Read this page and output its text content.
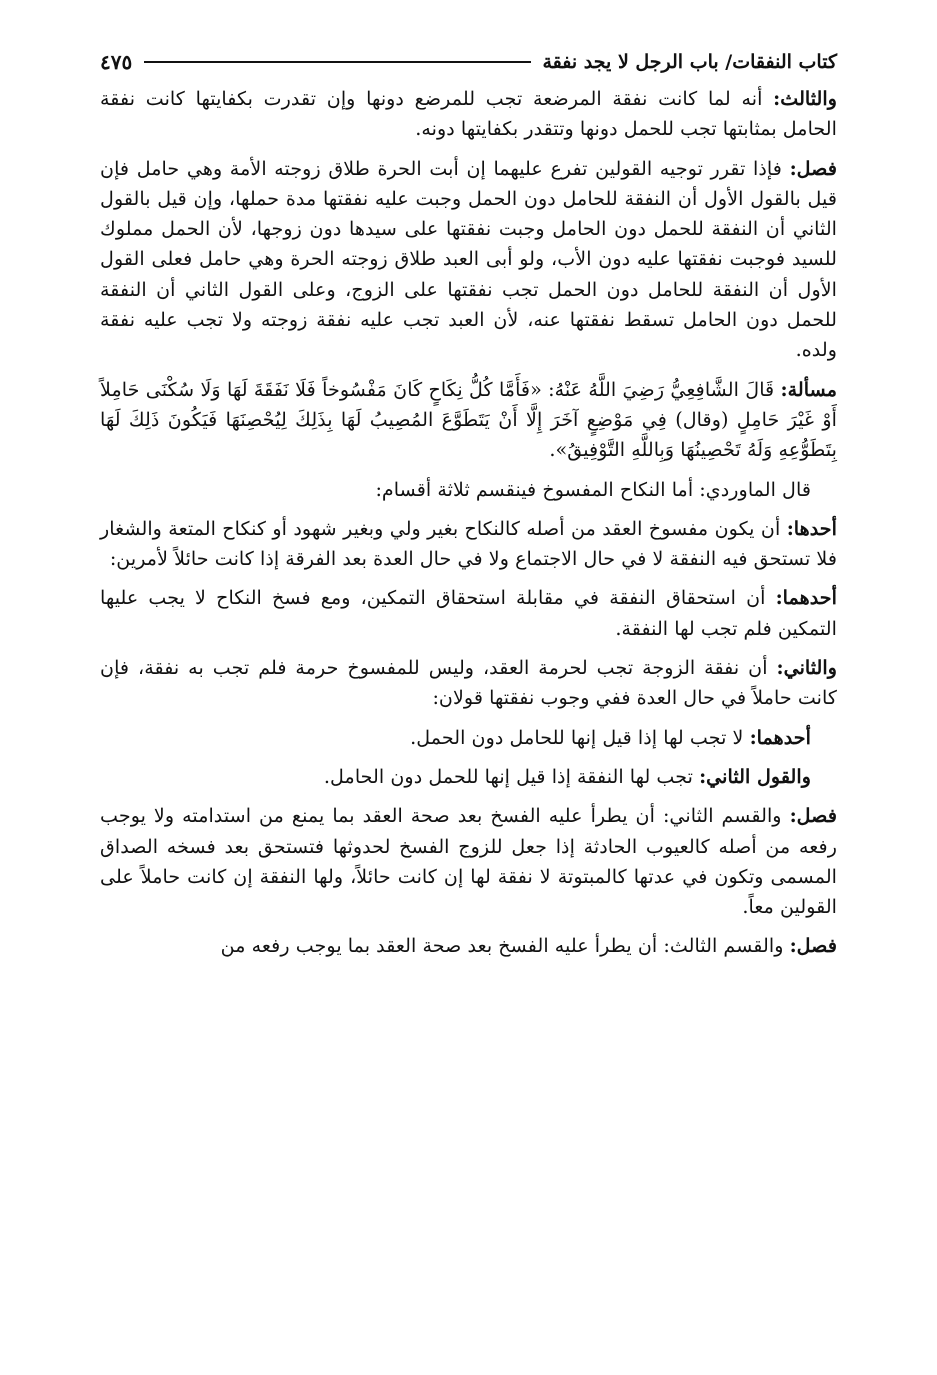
كتاب النفقات/ باب الرجل لا يجد نفقة
٤٧٥

والثالث: أنه لما كانت نفقة المرضعة تجب للمرضع دونها وإن تقدرت بكفايتها كانت نفقة الحامل بمثابتها تجب للحمل دونها وتتقدر بكفايتها دونه.

فصل: فإذا تقرر توجيه القولين تفرع عليهما إن أبت الحرة طلاق زوجته الأمة وهي حامل فإن قيل بالقول الأول أن النفقة للحامل دون الحمل وجبت عليه نفقتها مدة حملها، وإن قيل بالقول الثاني أن النفقة للحمل دون الحامل وجبت نفقتها على سيدها دون زوجها، لأن الحمل مملوك للسيد فوجبت نفقتها عليه دون الأب، ولو أبى العبد طلاق زوجته الحرة وهي حامل فعلى القول الأول أن النفقة للحامل دون الحمل تجب نفقتها على الزوج، وعلى القول الثاني أن النفقة للحمل دون الحامل تسقط نفقتها عنه، لأن العبد تجب عليه نفقة زوجته ولا تجب عليه نفقة ولده.

مسألة: قَالَ الشَّافِعِيُّ رَضِيَ اللَّهُ عَنْهُ: «فَأَمَّا كُلُّ نِكَاحٍ كَانَ مَفْسُوخاً فَلَا نَفَقَةَ لَهَا وَلَا سُكْنَى حَامِلاً أَوْ غَيْرَ حَامِلٍ (وقال) فِي مَوْضِعٍ آخَرَ إِلَّا أَنْ يَتَطَوَّعَ المُصِيبُ لَهَا بِذَلِكَ لِيُحْصِنَهَا فَيَكُونَ ذَلِكَ لَهَا بِتَطَوُّعِهِ وَلَهُ تَحْصِينُهَا وَبِاللَّهِ التَّوْفِيقُ».

قال الماوردي: أما النكاح المفسوخ فينقسم ثلاثة أقسام:

أحدها: أن يكون مفسوخ العقد من أصله كالنكاح بغير ولي وبغير شهود أو كنكاح المتعة والشغار فلا تستحق فيه النفقة لا في حال الاجتماع ولا في حال العدة بعد الفرقة إذا كانت حائلاً لأمرين:

أحدهما: أن استحقاق النفقة في مقابلة استحقاق التمكين، ومع فسخ النكاح لا يجب عليها التمكين فلم تجب لها النفقة.

والثاني: أن نفقة الزوجة تجب لحرمة العقد، وليس للمفسوخ حرمة فلم تجب به نفقة، فإن كانت حاملاً في حال العدة ففي وجوب نفقتها قولان:

أحدهما: لا تجب لها إذا قيل إنها للحامل دون الحمل.

والقول الثاني: تجب لها النفقة إذا قيل إنها للحمل دون الحامل.

فصل: والقسم الثاني: أن يطرأ عليه الفسخ بعد صحة العقد بما يمنع من استدامته ولا يوجب رفعه من أصله كالعيوب الحادثة إذا جعل للزوج الفسخ لحدوثها فتستحق بعد فسخه الصداق المسمى وتكون في عدتها كالمبتوتة لا نفقة لها إن كانت حائلاً، ولها النفقة إن كانت حاملاً على القولين معاً.

فصل: والقسم الثالث: أن يطرأ عليه الفسخ بعد صحة العقد بما يوجب رفعه من
